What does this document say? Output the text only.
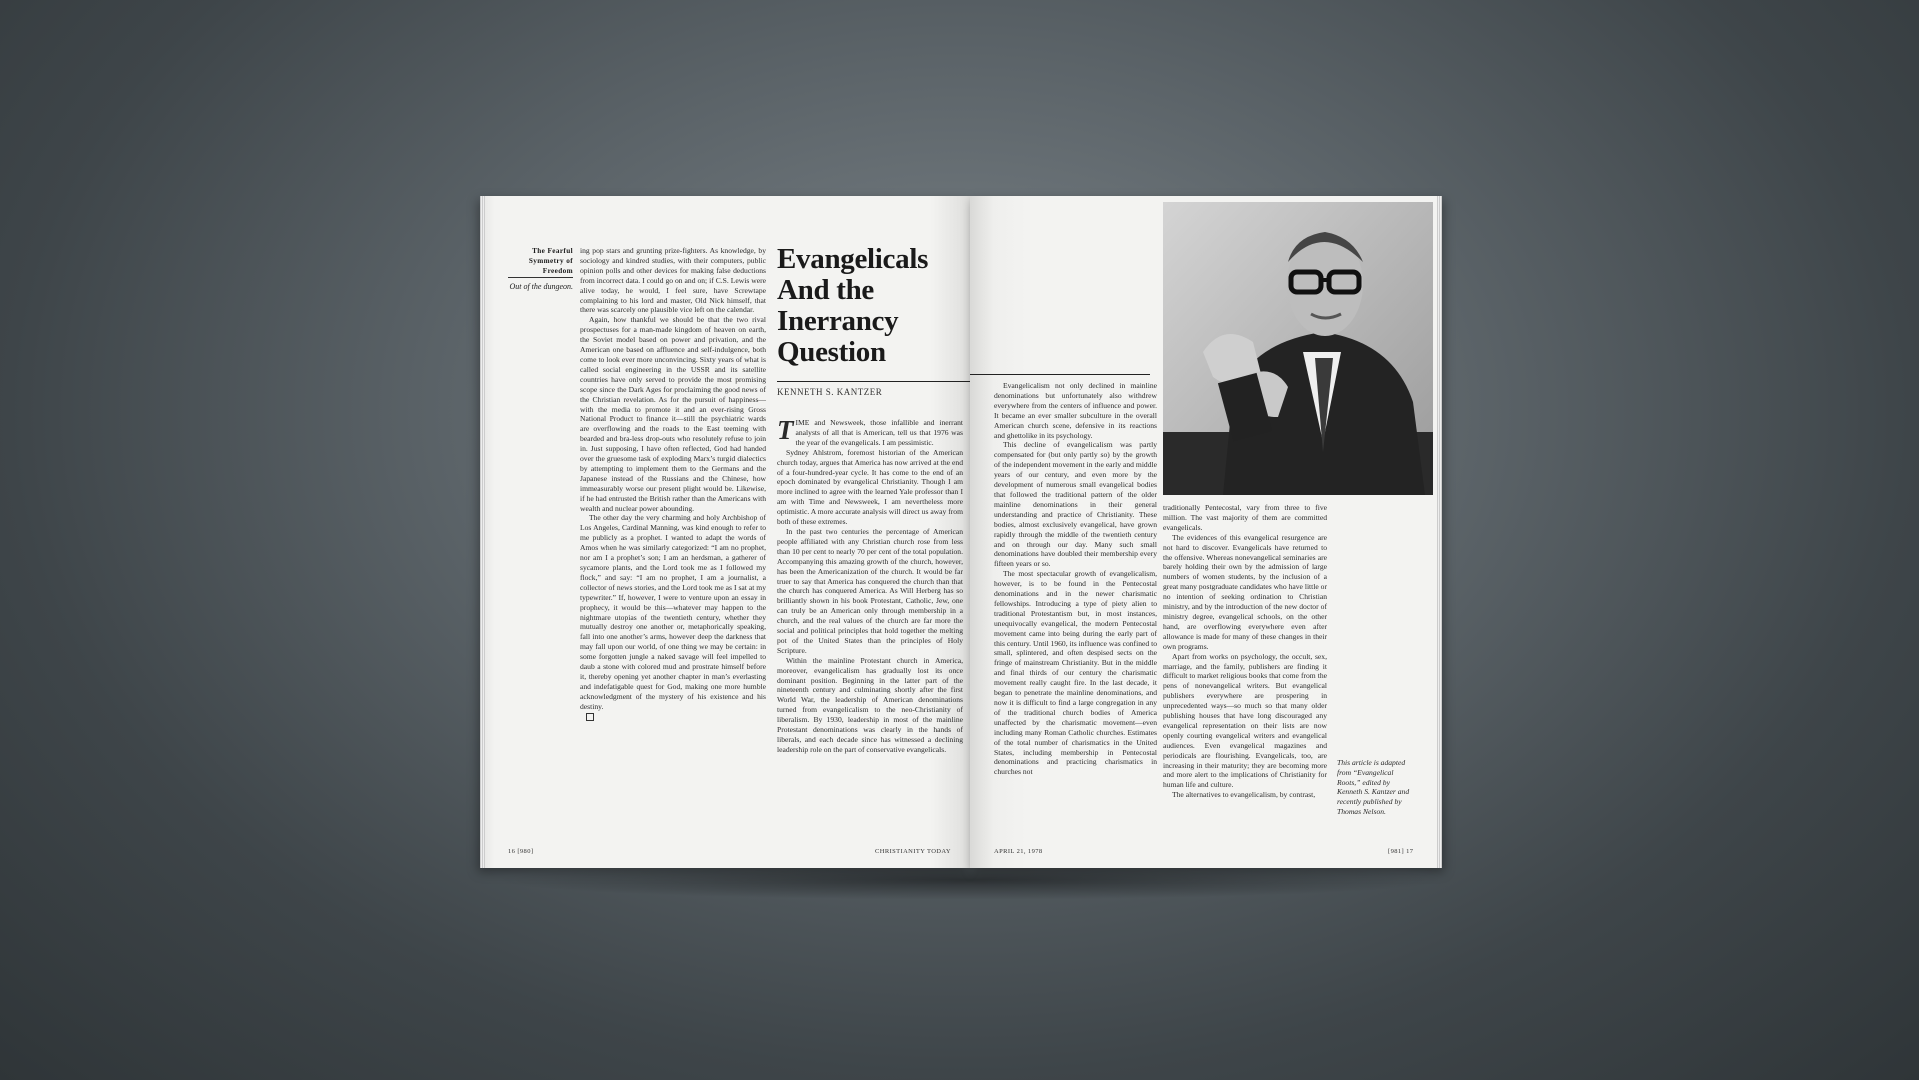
The Fearful Symmetry of Freedom
Out of the dungeon.

ing pop stars and grunting prize-fighters. As knowledge, by sociology and kindred studies, with their computers, public opinion polls and other devices for making false deductions from incorrect data. I could go on and on; if C.S. Lewis were alive today, he would, I feel sure, have Screwtape complaining to his lord and master, Old Nick himself, that there was scarcely one plausible vice left on the calendar.

Again, how thankful we should be that the two rival prospectuses for a man-made kingdom of heaven on earth, the Soviet model based on power and privation, and the American one based on affluence and self-indulgence, both come to look ever more unconvincing. Sixty years of what is called social engineering in the USSR and its satellite countries have only served to provide the most promising scope since the Dark Ages for proclaiming the good news of the Christian revelation. As for the pursuit of happiness—with the media to promote it and an ever-rising Gross National Product to finance it—still the psychiatric wards are overflowing and the roads to the East teeming with bearded and bra-less drop-outs who resolutely refuse to join in. Just supposing, I have often reflected, God had handed over the gruesome task of exploding Marx’s turgid dialectics by attempting to implement them to the Germans and the Japanese instead of the Russians and the Chinese, how immeasurably worse our present plight would be. Likewise, if he had entrusted the British rather than the Americans with wealth and nuclear power abounding.

The other day the very charming and holy Archbishop of Los Angeles, Cardinal Manning, was kind enough to refer to me publicly as a prophet. I wanted to adapt the words of Amos when he was similarly categorized: “I am no prophet, nor am I a prophet’s son; I am an herdsman, a gatherer of sycamore plants, and the Lord took me as I followed my flock,” and say: “I am no prophet, I am a journalist, a collector of news stories, and the Lord took me as I sat at my typewriter.” If, however, I were to venture upon an essay in prophecy, it would be this—whatever may happen to the nightmare utopias of the twentieth century, whether they mutually destroy one another or, metaphorically speaking, fall into one another’s arms, however deep the darkness that may fall upon our world, of one thing we may be certain: in some forgotten jungle a naked savage will feel impelled to daub a stone with colored mud and prostrate himself before it, thereby opening yet another chapter in man’s everlasting and indefatigable quest for God, making one more humble acknowledgment of the mystery of his existence and his destiny.

Evangelicals And the Inerrancy Question
KENNETH S. KANTZER
T IME and Newsweek, those infallible and inerrant analysts of all that is American, tell us that 1976 was the year of the evangelicals. I am pessimistic.

Sydney Ahlstrom, foremost historian of the American church today, argues that America has now arrived at the end of a four-hundred-year cycle. It has come to the end of an epoch dominated by evangelical Christianity. Though I am more inclined to agree with the learned Yale professor than I am with Time and Newsweek, I am nevertheless more optimistic. A more accurate analysis will direct us away from both of these extremes.

In the past two centuries the percentage of American people affiliated with any Christian church rose from less than 10 per cent to nearly 70 per cent of the total population. Accompanying this amazing growth of the church, however, has been the Americanization of the church. It would be far truer to say that America has conquered the church than that the church has conquered America. As Will Herberg has so brilliantly shown in his book Protestant, Catholic, Jew, one can truly be an American only through membership in a church, and the real values of the church are far more the social and political principles that hold together the melting pot of the United States than the principles of Holy Scripture.

Within the mainline Protestant church in America, moreover, evangelicalism has gradually lost its once dominant position. Beginning in the latter part of the nineteenth century and culminating shortly after the first World War, the leadership of American denominations turned from evangelicalism to the neo-Christianity of liberalism. By 1930, leadership in most of the mainline Protestant denominations was clearly in the hands of liberals, and each decade since has witnessed a declining leadership role on the part of conservative evangelicals.

16 [980]	CHRISTIANITY TODAY

Evangelicalism not only declined in mainline denominations but unfortunately also withdrew everywhere from the centers of influence and power. It became an ever smaller subculture in the overall American church scene, defensive in its reactions and ghettolike in its psychology.

This decline of evangelicalism was partly compensated for (but only partly so) by the growth of the independent movement in the early and middle years of our century, and even more by the development of numerous small evangelical bodies that followed the traditional pattern of the older mainline denominations in their general understanding and practice of Christianity. These bodies, almost exclusively evangelical, have grown rapidly through the middle of the twentieth century and on through our day. Many such small denominations have doubled their membership every fifteen years or so.

The most spectacular growth of evangelicalism, however, is to be found in the Pentecostal denominations and in the newer charismatic fellowships. Introducing a type of piety alien to traditional Protestantism but, in most instances, unequivocally evangelical, the modern Pentecostal movement came into being during the early part of this century. Until 1960, its influence was confined to small, splintered, and often despised sects on the fringe of mainstream Christianity. But in the middle and final thirds of our century the charismatic movement really caught fire. In the last decade, it began to penetrate the mainline denominations, and now it is difficult to find a large congregation in any of the traditional church bodies of America unaffected by the charismatic movement—even including many Roman Catholic churches. Estimates of the total number of charismatics in the United States, including membership in Pentecostal denominations and practicing charismatics in churches not

traditionally Pentecostal, vary from three to five million. The vast majority of them are committed evangelicals.

The evidences of this evangelical resurgence are not hard to discover. Evangelicals have returned to the offensive. Whereas nonevangelical seminaries are barely holding their own by the admission of large numbers of women students, by the inclusion of a great many postgraduate candidates who have little or no intention of seeking ordination to Christian ministry, and by the introduction of the new doctor of ministry degree, evangelical schools, on the other hand, are overflowing everywhere even after allowance is made for many of these changes in their own programs.

Apart from works on psychology, the occult, sex, marriage, and the family, publishers are finding it difficult to market religious books that come from the pens of nonevangelical writers. But evangelical publishers everywhere are prospering in unprecedented ways—so much so that many older publishing houses that have long discouraged any evangelical representation on their lists are now openly courting evangelical writers and evangelical audiences. Even evangelical magazines and periodicals are flourishing. Evangelicals, too, are increasing in their maturity; they are becoming more and more alert to the implications of Christianity for human life and culture.

The alternatives to evangelicalism, by contrast,

This article is adapted from “Evangelical Roots,” edited by Kenneth S. Kantzer and recently published by Thomas Nelson.
APRIL 21, 1978	[981] 17
